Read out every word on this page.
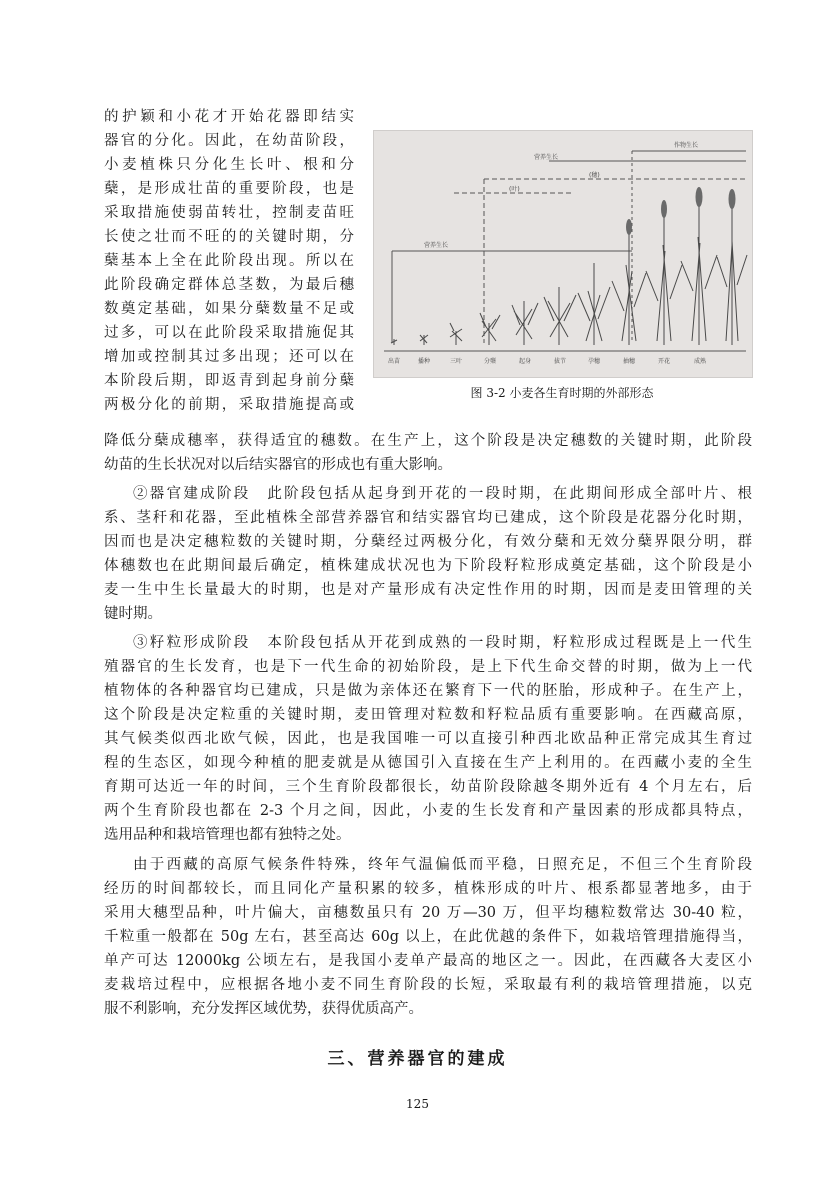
的护颖和小花才开始花器即结实
器官的分化。因此，在幼苗阶段，
小麦植株只分化生长叶、根和分
蘖，是形成壮苗的重要阶段，也是
采取措施使弱苗转壮，控制麦苗旺
长使之壮而不旺的的关键时期，分
蘖基本上全在此阶段出现。所以在
此阶段确定群体总茎数，为最后穗
数奠定基础，如果分蘖数量不足或
过多，可以在此阶段采取措施促其
增加或控制其过多出现；还可以在
本阶段后期，即返青到起身前分蘖
两极分化的前期，采取措施提高或
作物生长
营养生长
营养生长
(穗)
(叶)
出苗	播种	三叶	分蘖	起身	拔节	孕穗	抽穗	开花	成熟
图 3-2 小麦各生育时期的外部形态
降低分蘖成穗率，获得适宜的穗数。在生产上，这个阶段是决定穗数的关键时期，此阶段
幼苗的生长状况对以后结实器官的形成也有重大影响。
②器官建成阶段　此阶段包括从起身到开花的一段时期，在此期间形成全部叶片、根
系、茎秆和花器，至此植株全部营养器官和结实器官均已建成，这个阶段是花器分化时期，
因而也是决定穗粒数的关键时期，分蘖经过两极分化，有效分蘖和无效分蘖界限分明，群
体穗数也在此期间最后确定，植株建成状况也为下阶段籽粒形成奠定基础，这个阶段是小
麦一生中生长量最大的时期，也是对产量形成有决定性作用的时期，因而是麦田管理的关
键时期。
③籽粒形成阶段　本阶段包括从开花到成熟的一段时期，籽粒形成过程既是上一代生
殖器官的生长发育，也是下一代生命的初始阶段，是上下代生命交替的时期，做为上一代
植物体的各种器官均已建成，只是做为亲体还在繁育下一代的胚胎，形成种子。在生产上，
这个阶段是决定粒重的关键时期，麦田管理对粒数和籽粒品质有重要影响。在西藏高原，
其气候类似西北欧气候，因此，也是我国唯一可以直接引种西北欧品种正常完成其生育过
程的生态区，如现今种植的肥麦就是从德国引入直接在生产上利用的。在西藏小麦的全生
育期可达近一年的时间，三个生育阶段都很长，幼苗阶段除越冬期外近有 4 个月左右，后
两个生育阶段也都在 2-3 个月之间，因此，小麦的生长发育和产量因素的形成都具特点，
选用品种和栽培管理也都有独特之处。
由于西藏的高原气候条件特殊，终年气温偏低而平稳，日照充足，不但三个生育阶段
经历的时间都较长，而且同化产量积累的较多，植株形成的叶片、根系都显著地多，由于
采用大穗型品种，叶片偏大，亩穗数虽只有 20 万—30 万，但平均穗粒数常达 30-40 粒，
千粒重一般都在 50g 左右，甚至高达 60g 以上，在此优越的条件下，如栽培管理措施得当，
单产可达 12000kg 公顷左右，是我国小麦单产最高的地区之一。因此，在西藏各大麦区小
麦栽培过程中，应根据各地小麦不同生育阶段的长短，采取最有利的栽培管理措施，以克
服不利影响，充分发挥区域优势，获得优质高产。
三、营养器官的建成
125
